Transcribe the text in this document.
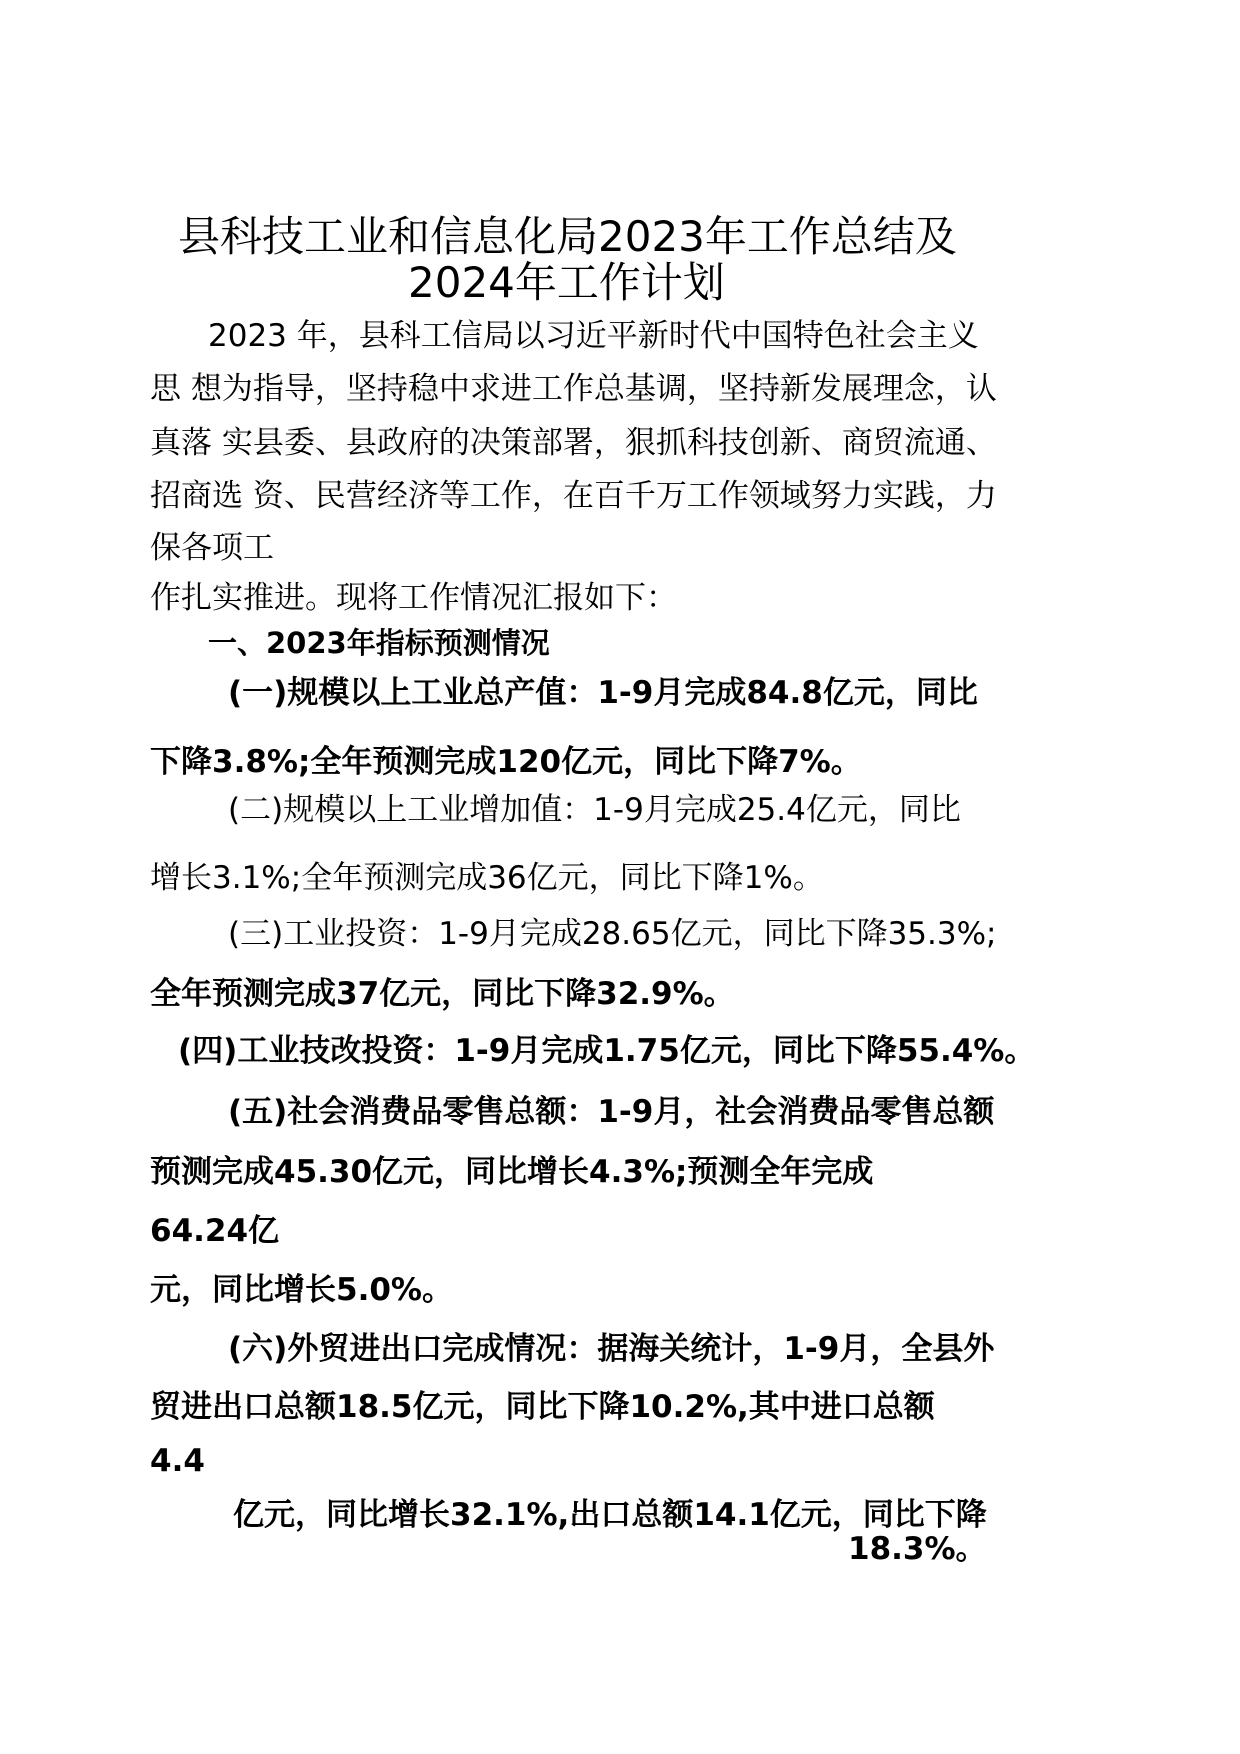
县科技工业和信息化局2023年工作总结及
2024年工作计划
2023 年，县科工信局以习近平新时代中国特色社会主义
思 想为指导，坚持稳中求进工作总基调，坚持新发展理念，认
真落 实县委、县政府的决策部署，狠抓科技创新、商贸流通、
招商选 资、民营经济等工作，在百千万工作领域努力实践，力
保各项工
作扎实推进。现将工作情况汇报如下：
一、2023年指标预测情况
(一)规模以上工业总产值：1-9月完成84.8亿元，同比
下降3.8%;全年预测完成120亿元，同比下降7%。
(二)规模以上工业增加值：1-9月完成25.4亿元，同比
增长3.1%;全年预测完成36亿元，同比下降1%。
(三)工业投资：1-9月完成28.65亿元，同比下降35.3%;
全年预测完成37亿元，同比下降32.9%。
(四)工业技改投资：1-9月完成1.75亿元，同比下降55.4%。
(五)社会消费品零售总额：1-9月，社会消费品零售总额
预测完成45.30亿元，同比增长4.3%;预测全年完成
64.24亿
元，同比增长5.0%。
(六)外贸进出口完成情况：据海关统计，1-9月，全县外
贸进出口总额18.5亿元，同比下降10.2%,其中进口总额
4.4
亿元，同比增长32.1%,出口总额14.1亿元，同比下降
18.3%。
